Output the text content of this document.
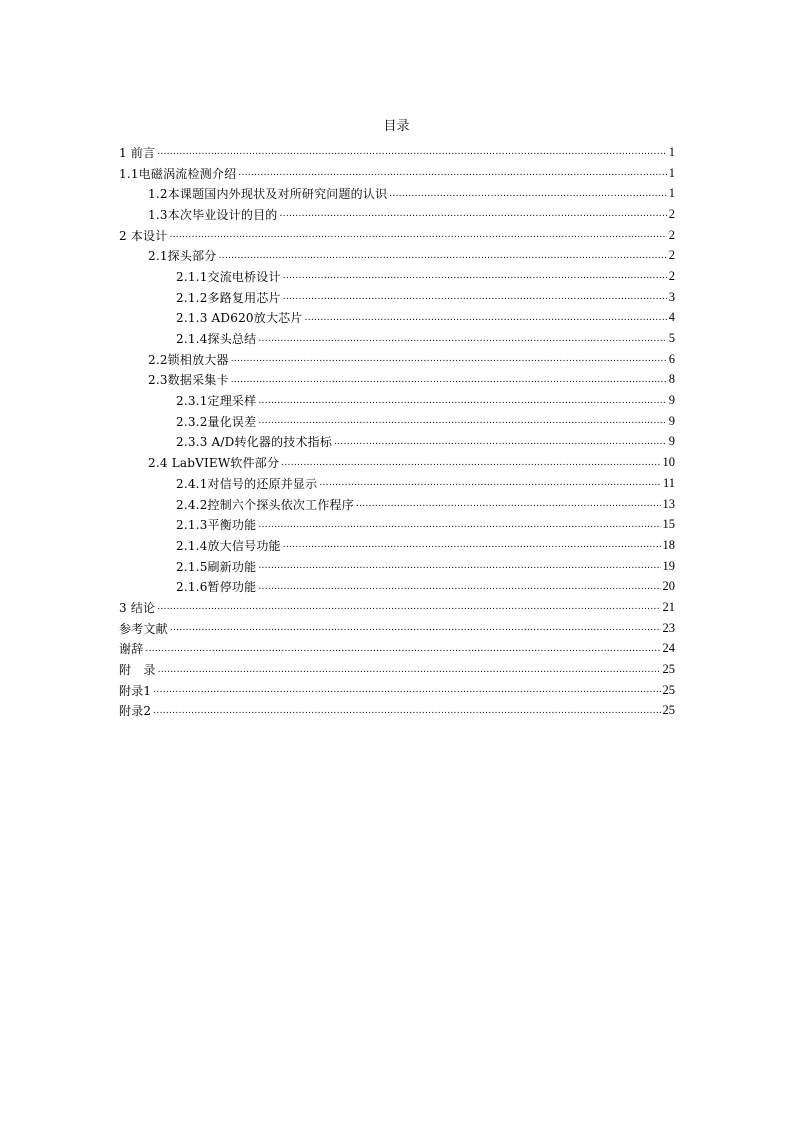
目录
1 前言 .....	1
1.1电磁涡流检测介绍 .....	1
1.2本课题国内外现状及对所研究问题的认识 .....	1
1.3本次毕业设计的目的 .....	2
2 本设计 .....	2
2.1探头部分 .....	2
2.1.1交流电桥设计 .....	2
2.1.2多路复用芯片 .....	3
2.1.3 AD620放大芯片 .....	4
2.1.4探头总结 .....	5
2.2锁相放大器 .....	6
2.3数据采集卡 .....	8
2.3.1定理采样 .....	9
2.3.2量化误差 .....	9
2.3.3 A/D转化器的技术指标 .....	9
2.4 LabVIEW软件部分 .....	10
2.4.1对信号的还原并显示 .....	11
2.4.2控制六个探头依次工作程序 .....	13
2.1.3平衡功能 .....	15
2.1.4放大信号功能 .....	18
2.1.5刷新功能 .....	19
2.1.6暂停功能 .....	20
3 结论 .....	21
参考文献 .....	23
谢辞 .....	24
附　录 .....	25
附录1 .....	25
附录2 .....	25
